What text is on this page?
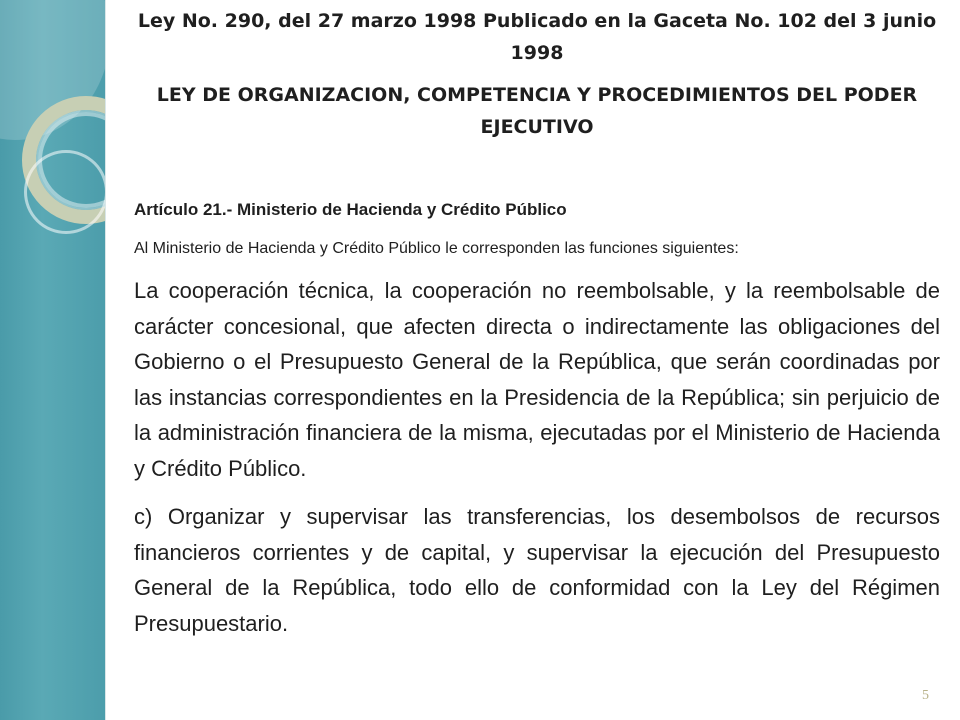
Ley No. 290, del 27 marzo 1998 Publicado en la Gaceta No. 102 del 3 junio 1998

LEY DE ORGANIZACION, COMPETENCIA Y PROCEDIMIENTOS DEL PODER EJECUTIVO

Artículo 21.- Ministerio de Hacienda y Crédito Público

Al Ministerio de Hacienda y Crédito Público le corresponden las funciones siguientes:

La cooperación técnica, la cooperación no reembolsable, y la reembolsable de carácter concesional, que afecten directa o indirectamente las obligaciones del Gobierno o el Presupuesto General de la República, que serán coordinadas por las instancias correspondientes en la Presidencia de la República; sin perjuicio de la administración financiera de la misma, ejecutadas por el Ministerio de Hacienda y Crédito Público.

c) Organizar y supervisar las transferencias, los desembolsos de recursos financieros corrientes y de capital, y supervisar la ejecución del Presupuesto General de la República, todo ello de conformidad con la Ley del Régimen Presupuestario.

5
